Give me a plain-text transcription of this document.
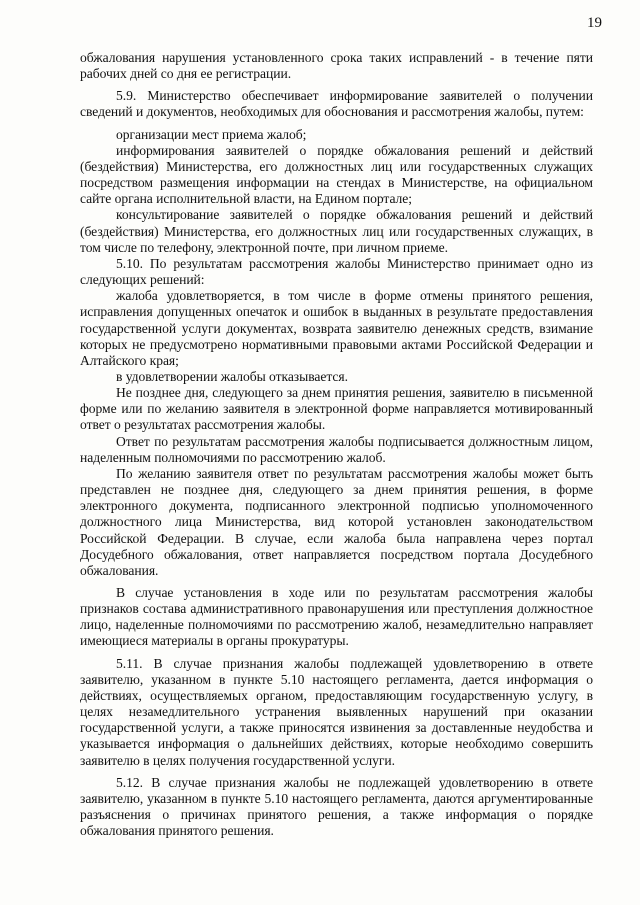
19

обжалования нарушения установленного срока таких исправлений - в течение пяти рабочих дней со дня ее регистрации.

5.9. Министерство обеспечивает информирование заявителей о получении сведений и документов, необходимых для обоснования и рассмотрения жалобы, путем:

организации мест приема жалоб;

информирования заявителей о порядке обжалования решений и действий (бездействия) Министерства, его должностных лиц или государственных служащих посредством размещения информации на стендах в Министерстве, на официальном сайте органа исполнительной власти, на Едином портале;

консультирование заявителей о порядке обжалования решений и действий (бездействия) Министерства, его должностных лиц или государственных служащих, в том числе по телефону, электронной почте, при личном приеме.

5.10. По результатам рассмотрения жалобы Министерство принимает одно из следующих решений:

жалоба удовлетворяется, в том числе в форме отмены принятого решения, исправления допущенных опечаток и ошибок в выданных в результате предоставления государственной услуги документах, возврата заявителю денежных средств, взимание которых не предусмотрено нормативными правовыми актами Российской Федерации и Алтайского края;

в удовлетворении жалобы отказывается.

Не позднее дня, следующего за днем принятия решения, заявителю в письменной форме или по желанию заявителя в электронной форме направляется мотивированный ответ о результатах рассмотрения жалобы.

Ответ по результатам рассмотрения жалобы подписывается должностным лицом, наделенным полномочиями по рассмотрению жалоб.

По желанию заявителя ответ по результатам рассмотрения жалобы может быть представлен не позднее дня, следующего за днем принятия решения, в форме электронного документа, подписанного электронной подписью уполномоченного должностного лица Министерства, вид которой установлен законодательством Российской Федерации. В случае, если жалоба была направлена через портал Досудебного обжалования, ответ направляется посредством портала Досудебного обжалования.

В случае установления в ходе или по результатам рассмотрения жалобы признаков состава административного правонарушения или преступления должностное лицо, наделенные полномочиями по рассмотрению жалоб, незамедлительно направляет имеющиеся материалы в органы прокуратуры.

5.11. В случае признания жалобы подлежащей удовлетворению в ответе заявителю, указанном в пункте 5.10 настоящего регламента, дается информация о действиях, осуществляемых органом, предоставляющим государственную услугу, в целях незамедлительного устранения выявленных нарушений при оказании государственной услуги, а также приносятся извинения за доставленные неудобства и указывается информация о дальнейших действиях, которые необходимо совершить заявителю в целях получения государственной услуги.

5.12. В случае признания жалобы не подлежащей удовлетворению в ответе заявителю, указанном в пункте 5.10 настоящего регламента, даются аргументированные разъяснения о причинах принятого решения, а также информация о порядке обжалования принятого решения.
